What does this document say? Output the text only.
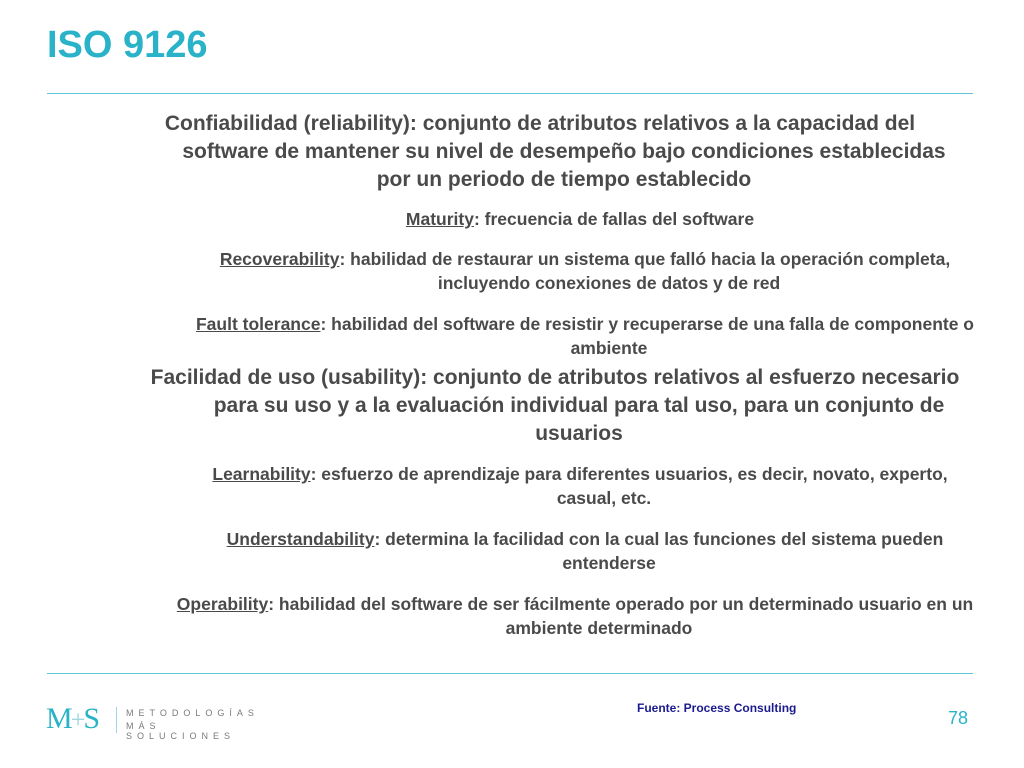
ISO 9126
Confiabilidad (reliability): conjunto de atributos relativos a la capacidad del software de mantener su nivel de desempeño bajo condiciones establecidas por un periodo de tiempo establecido
Maturity: frecuencia de fallas del software
Recoverability: habilidad de restaurar un sistema que falló hacia la operación completa, incluyendo conexiones de datos y de red
Fault tolerance: habilidad del software de resistir y recuperarse de una falla de componente o ambiente
Facilidad de uso (usability): conjunto de atributos relativos al esfuerzo necesario para su uso y a la evaluación individual para tal uso, para un conjunto de usuarios
Learnability: esfuerzo de aprendizaje para diferentes usuarios, es decir, novato, experto, casual, etc.
Understandability: determina la facilidad con la cual las funciones del sistema pueden entenderse
Operability: habilidad del software de ser fácilmente operado por un determinado usuario en un ambiente determinado
M+S	METODOLOGÍAS
MÁS SOLUCIONES
Fuente: Process Consulting	78
